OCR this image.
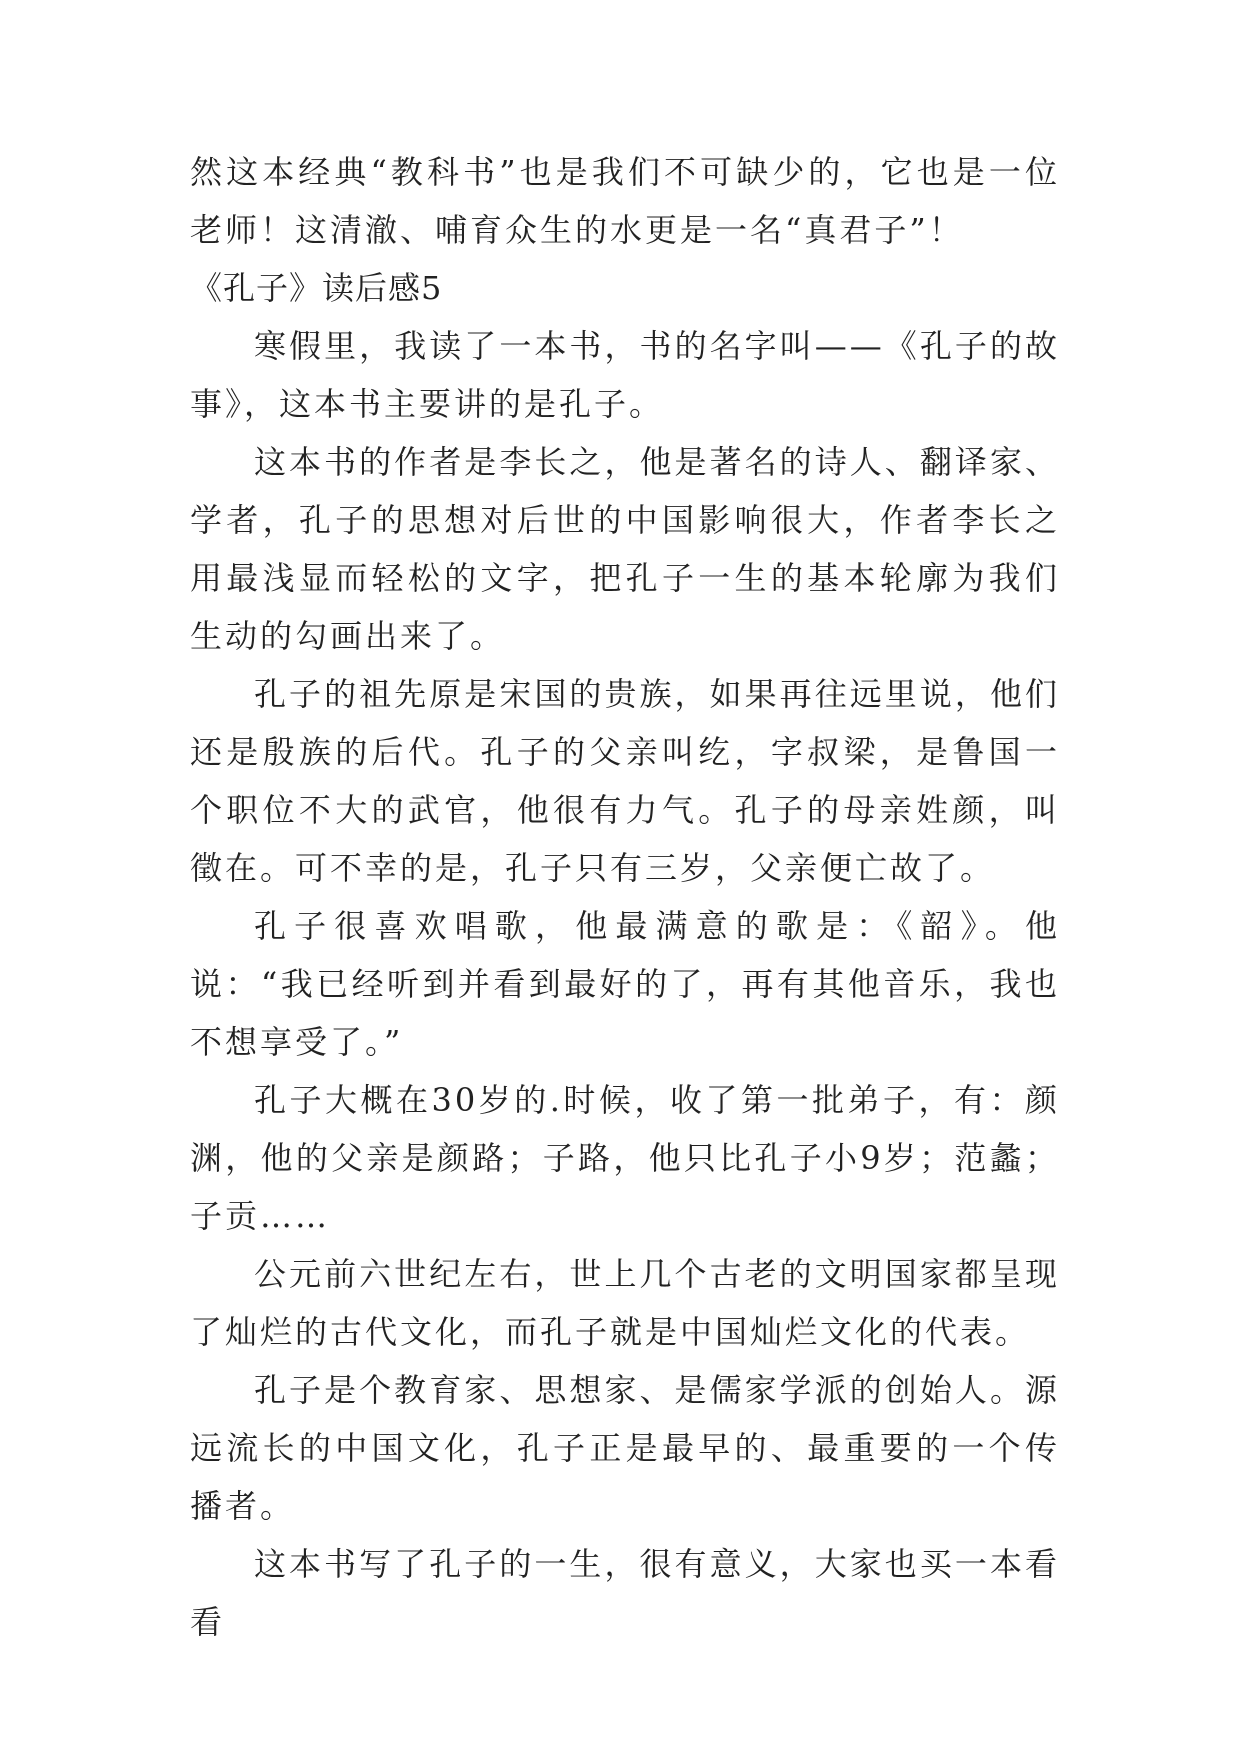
然这本经典“教科书”也是我们不可缺少的，它也是一位老师！这清澈、哺育众生的水更是一名“真君子”！

《孔子》读后感5

寒假里，我读了一本书，书的名字叫——《孔子的故事》，这本书主要讲的是孔子。

这本书的作者是李长之，他是著名的诗人、翻译家、学者，孔子的思想对后世的中国影响很大，作者李长之用最浅显而轻松的文字，把孔子一生的基本轮廓为我们生动的勾画出来了。

孔子的祖先原是宋国的贵族，如果再往远里说，他们还是殷族的后代。孔子的父亲叫纥，字叔梁，是鲁国一个职位不大的武官，他很有力气。孔子的母亲姓颜，叫徵在。可不幸的是，孔子只有三岁，父亲便亡故了。

孔子很喜欢唱歌，他最满意的歌是：《韶》。他说：“我已经听到并看到最好的了，再有其他音乐，我也不想享受了。”

孔子大概在30岁的.时候，收了第一批弟子，有：颜渊，他的父亲是颜路；子路，他只比孔子小9岁；范蠡；子贡……

公元前六世纪左右，世上几个古老的文明国家都呈现了灿烂的古代文化，而孔子就是中国灿烂文化的代表。

孔子是个教育家、思想家、是儒家学派的创始人。源远流长的中国文化，孔子正是最早的、最重要的一个传播者。

这本书写了孔子的一生，很有意义，大家也买一本看看
